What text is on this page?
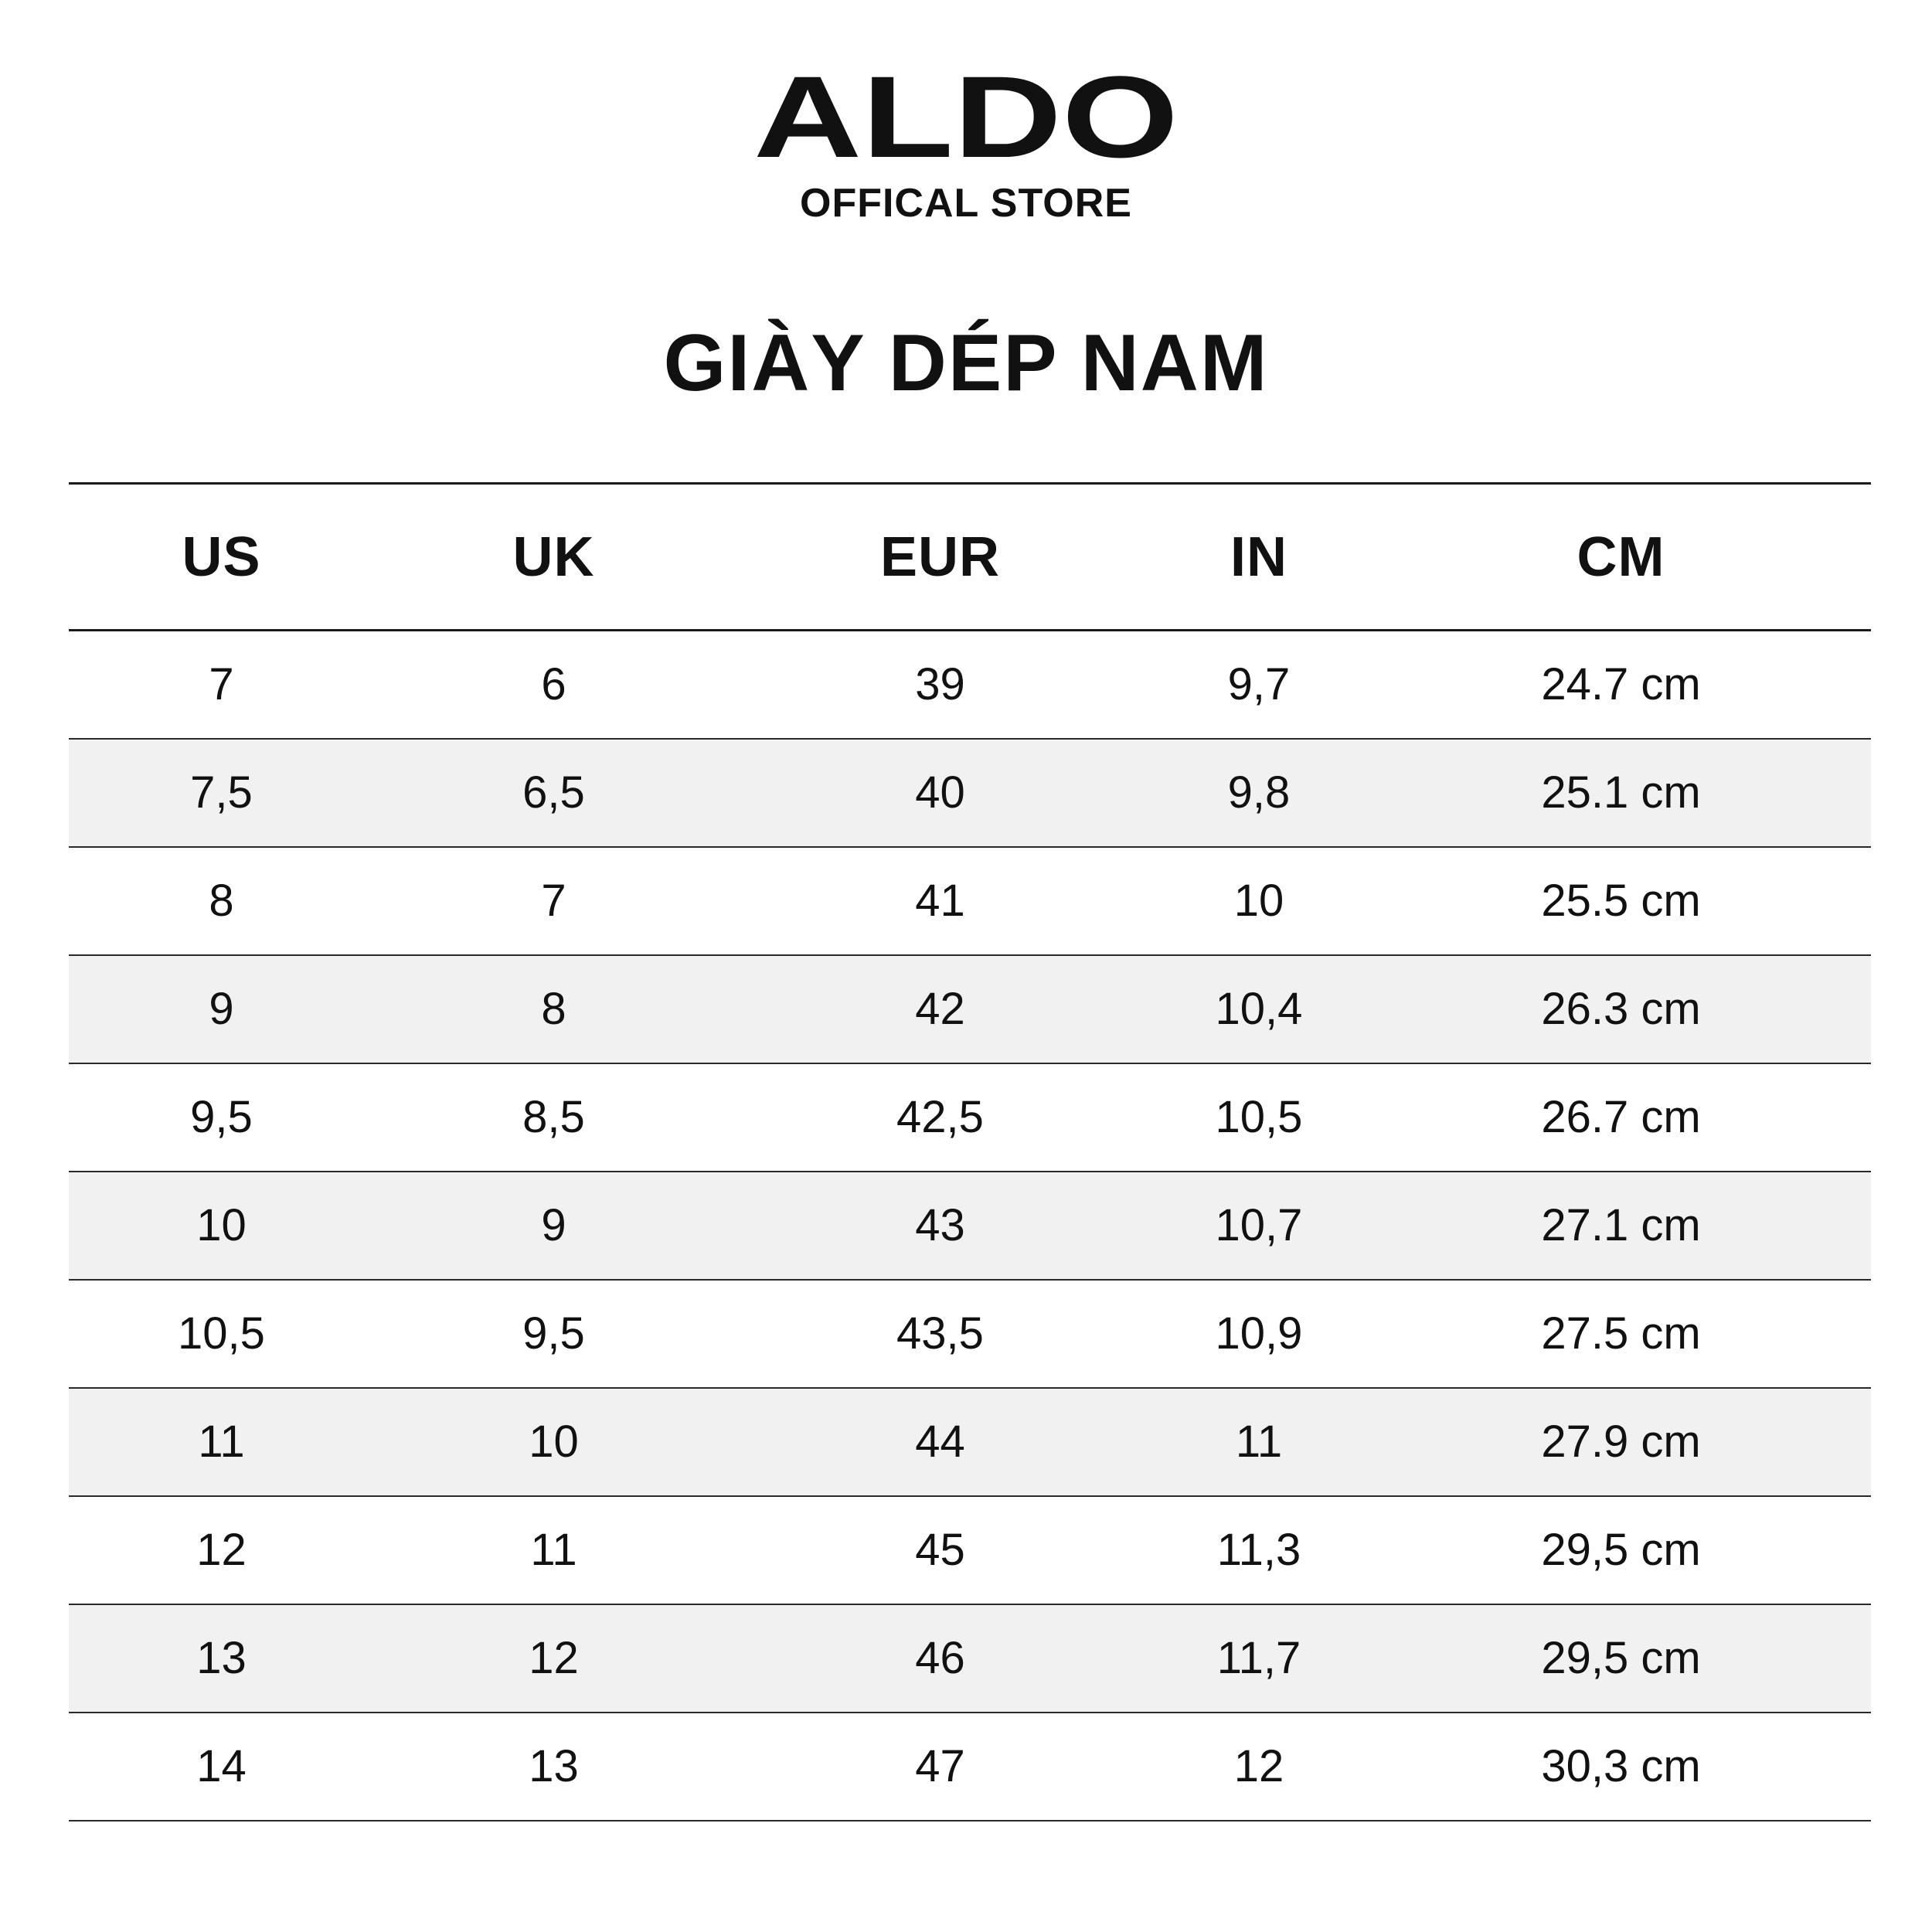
ALDO
OFFICAL STORE
GIÀY DÉP NAM
US	UK	EUR	IN	CM
7	6	39	9,7	24.7 cm
7,5	6,5	40	9,8	25.1 cm
8	7	41	10	25.5 cm
9	8	42	10,4	26.3 cm
9,5	8,5	42,5	10,5	26.7 cm
10	9	43	10,7	27.1 cm
10,5	9,5	43,5	10,9	27.5 cm
11	10	44	11	27.9 cm
12	11	45	11,3	29,5 cm
13	12	46	11,7	29,5 cm
14	13	47	12	30,3 cm
